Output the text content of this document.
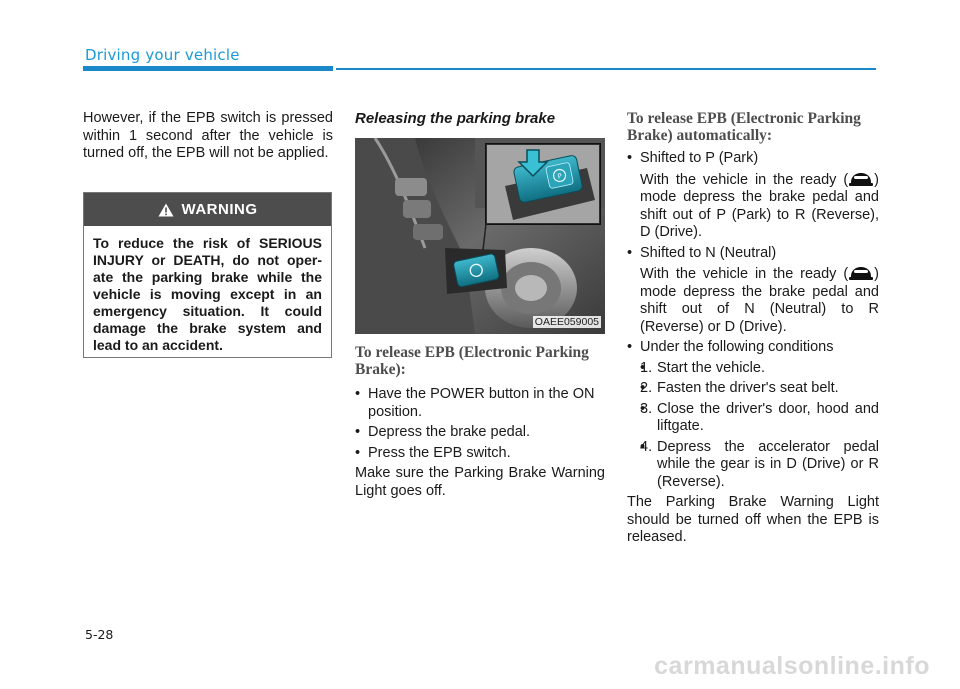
Driving your vehicle

However, if the EPB switch is pressed within 1 second after the vehicle is turned off, the EPB will not be applied.

WARNING
To reduce the risk of SERIOUS INJURY or DEATH, do not oper-ate the parking brake while the vehicle is moving except in an emergency situation. It could damage the brake system and lead to an accident.
Releasing the parking brake
P
OAEE059005
To release EPB (Electronic Parking Brake):
• Have the POWER button in the ON position.
• Depress the brake pedal.
• Press the EPB switch.

Make sure the Parking Brake Warning Light goes off.

To release EPB (Electronic Parking Brake) automatically:
• Shifted to P (Park)
With the vehicle in the ready ( ) mode depress the brake pedal and shift out of P (Park) to R (Reverse), D (Drive).
• Shifted to N (Neutral)
With the vehicle in the ready ( ) mode depress the brake pedal and shift out of N (Neutral) to R (Reverse) or D (Drive).
• Under the following conditions
• 1. Start the vehicle.
• 2. Fasten the driver's seat belt.
• 3. Close the driver's door, hood and liftgate.
• 4. Depress the accelerator pedal while the gear is in D (Drive) or R (Reverse).

The Parking Brake Warning Light should be turned off when the EPB is released.

5-28
carmanualsonline.info
